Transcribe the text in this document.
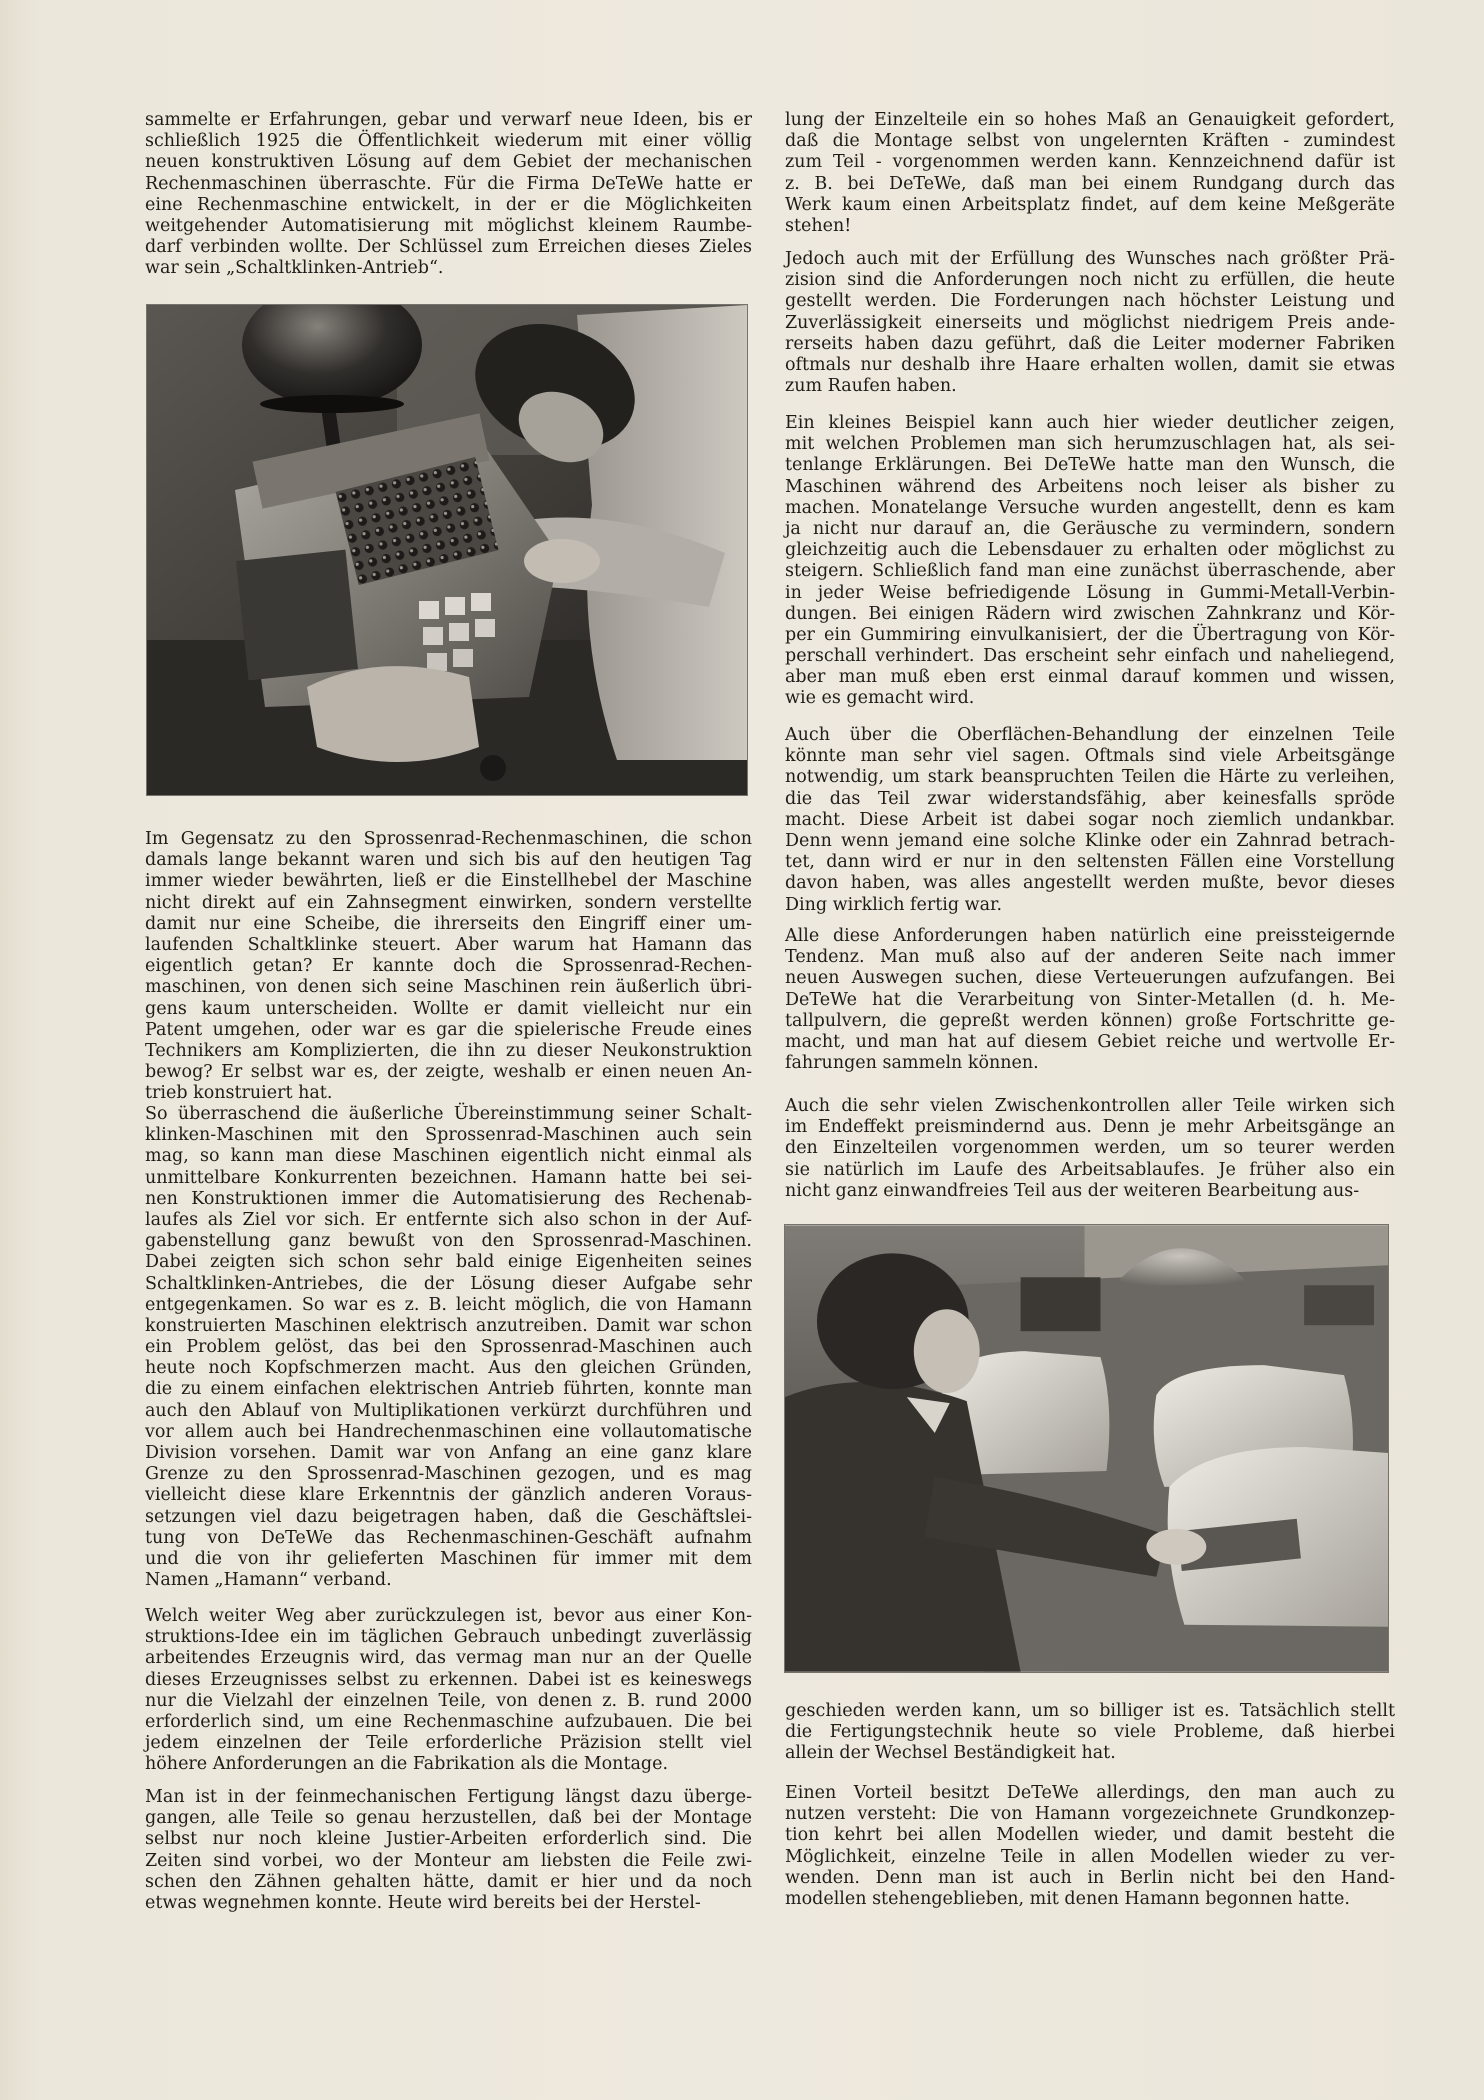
sammelte er Erfahrungen, gebar und verwarf neue Ideen, bis er
schließlich 1925 die Öffentlichkeit wiederum mit einer völlig
neuen konstruktiven Lösung auf dem Gebiet der mechanischen
Rechenmaschinen überraschte. Für die Firma DeTeWe hatte er
eine Rechenmaschine entwickelt, in der er die Möglichkeiten
weitgehender Automatisierung mit möglichst kleinem Raumbe-
darf verbinden wollte. Der Schlüssel zum Erreichen dieses Zieles
war sein „Schaltklinken-Antrieb“.
Im Gegensatz zu den Sprossenrad-Rechenmaschinen, die schon
damals lange bekannt waren und sich bis auf den heutigen Tag
immer wieder bewährten, ließ er die Einstellhebel der Maschine
nicht direkt auf ein Zahnsegment einwirken, sondern verstellte
damit nur eine Scheibe, die ihrerseits den Eingriff einer um-
laufenden Schaltklinke steuert. Aber warum hat Hamann das
eigentlich getan? Er kannte doch die Sprossenrad-Rechen-
maschinen, von denen sich seine Maschinen rein äußerlich übri-
gens kaum unterscheiden. Wollte er damit vielleicht nur ein
Patent umgehen, oder war es gar die spielerische Freude eines
Technikers am Komplizierten, die ihn zu dieser Neukonstruktion
bewog? Er selbst war es, der zeigte, weshalb er einen neuen An-
trieb konstruiert hat.
So überraschend die äußerliche Übereinstimmung seiner Schalt-
klinken-Maschinen mit den Sprossenrad-Maschinen auch sein
mag, so kann man diese Maschinen eigentlich nicht einmal als
unmittelbare Konkurrenten bezeichnen. Hamann hatte bei sei-
nen Konstruktionen immer die Automatisierung des Rechenab-
laufes als Ziel vor sich. Er entfernte sich also schon in der Auf-
gabenstellung ganz bewußt von den Sprossenrad-Maschinen.
Dabei zeigten sich schon sehr bald einige Eigenheiten seines
Schaltklinken-Antriebes, die der Lösung dieser Aufgabe sehr
entgegenkamen. So war es z. B. leicht möglich, die von Hamann
konstruierten Maschinen elektrisch anzutreiben. Damit war schon
ein Problem gelöst, das bei den Sprossenrad-Maschinen auch
heute noch Kopfschmerzen macht. Aus den gleichen Gründen,
die zu einem einfachen elektrischen Antrieb führten, konnte man
auch den Ablauf von Multiplikationen verkürzt durchführen und
vor allem auch bei Handrechenmaschinen eine vollautomatische
Division vorsehen. Damit war von Anfang an eine ganz klare
Grenze zu den Sprossenrad-Maschinen gezogen, und es mag
vielleicht diese klare Erkenntnis der gänzlich anderen Voraus-
setzungen viel dazu beigetragen haben, daß die Geschäftslei-
tung von DeTeWe das Rechenmaschinen-Geschäft aufnahm
und die von ihr gelieferten Maschinen für immer mit dem
Namen „Hamann“ verband.
Welch weiter Weg aber zurückzulegen ist, bevor aus einer Kon-
struktions-Idee ein im täglichen Gebrauch unbedingt zuverlässig
arbeitendes Erzeugnis wird, das vermag man nur an der Quelle
dieses Erzeugnisses selbst zu erkennen. Dabei ist es keineswegs
nur die Vielzahl der einzelnen Teile, von denen z. B. rund 2000
erforderlich sind, um eine Rechenmaschine aufzubauen. Die bei
jedem einzelnen der Teile erforderliche Präzision stellt viel
höhere Anforderungen an die Fabrikation als die Montage.
Man ist in der feinmechanischen Fertigung längst dazu überge-
gangen, alle Teile so genau herzustellen, daß bei der Montage
selbst nur noch kleine Justier-Arbeiten erforderlich sind. Die
Zeiten sind vorbei, wo der Monteur am liebsten die Feile zwi-
schen den Zähnen gehalten hätte, damit er hier und da noch
etwas wegnehmen konnte. Heute wird bereits bei der Herstel-
lung der Einzelteile ein so hohes Maß an Genauigkeit gefordert,
daß die Montage selbst von ungelernten Kräften - zumindest
zum Teil - vorgenommen werden kann. Kennzeichnend dafür ist
z. B. bei DeTeWe, daß man bei einem Rundgang durch das
Werk kaum einen Arbeitsplatz findet, auf dem keine Meßgeräte
stehen!
Jedoch auch mit der Erfüllung des Wunsches nach größter Prä-
zision sind die Anforderungen noch nicht zu erfüllen, die heute
gestellt werden. Die Forderungen nach höchster Leistung und
Zuverlässigkeit einerseits und möglichst niedrigem Preis ande-
rerseits haben dazu geführt, daß die Leiter moderner Fabriken
oftmals nur deshalb ihre Haare erhalten wollen, damit sie etwas
zum Raufen haben.
Ein kleines Beispiel kann auch hier wieder deutlicher zeigen,
mit welchen Problemen man sich herumzuschlagen hat, als sei-
tenlange Erklärungen. Bei DeTeWe hatte man den Wunsch, die
Maschinen während des Arbeitens noch leiser als bisher zu
machen. Monatelange Versuche wurden angestellt, denn es kam
ja nicht nur darauf an, die Geräusche zu vermindern, sondern
gleichzeitig auch die Lebensdauer zu erhalten oder möglichst zu
steigern. Schließlich fand man eine zunächst überraschende, aber
in jeder Weise befriedigende Lösung in Gummi-Metall-Verbin-
dungen. Bei einigen Rädern wird zwischen Zahnkranz und Kör-
per ein Gummiring einvulkanisiert, der die Übertragung von Kör-
perschall verhindert. Das erscheint sehr einfach und naheliegend,
aber man muß eben erst einmal darauf kommen und wissen,
wie es gemacht wird.
Auch über die Oberflächen-Behandlung der einzelnen Teile
könnte man sehr viel sagen. Oftmals sind viele Arbeitsgänge
notwendig, um stark beanspruchten Teilen die Härte zu verleihen,
die das Teil zwar widerstandsfähig, aber keinesfalls spröde
macht. Diese Arbeit ist dabei sogar noch ziemlich undankbar.
Denn wenn jemand eine solche Klinke oder ein Zahnrad betrach-
tet, dann wird er nur in den seltensten Fällen eine Vorstellung
davon haben, was alles angestellt werden mußte, bevor dieses
Ding wirklich fertig war.
Alle diese Anforderungen haben natürlich eine preissteigernde
Tendenz. Man muß also auf der anderen Seite nach immer
neuen Auswegen suchen, diese Verteuerungen aufzufangen. Bei
DeTeWe hat die Verarbeitung von Sinter-Metallen (d. h. Me-
tallpulvern, die gepreßt werden können) große Fortschritte ge-
macht, und man hat auf diesem Gebiet reiche und wertvolle Er-
fahrungen sammeln können.
Auch die sehr vielen Zwischenkontrollen aller Teile wirken sich
im Endeffekt preismindernd aus. Denn je mehr Arbeitsgänge an
den Einzelteilen vorgenommen werden, um so teurer werden
sie natürlich im Laufe des Arbeitsablaufes. Je früher also ein
nicht ganz einwandfreies Teil aus der weiteren Bearbeitung aus-
geschieden werden kann, um so billiger ist es. Tatsächlich stellt
die Fertigungstechnik heute so viele Probleme, daß hierbei
allein der Wechsel Beständigkeit hat.
Einen Vorteil besitzt DeTeWe allerdings, den man auch zu
nutzen versteht: Die von Hamann vorgezeichnete Grundkonzep-
tion kehrt bei allen Modellen wieder, und damit besteht die
Möglichkeit, einzelne Teile in allen Modellen wieder zu ver-
wenden. Denn man ist auch in Berlin nicht bei den Hand-
modellen stehengeblieben, mit denen Hamann begonnen hatte.
